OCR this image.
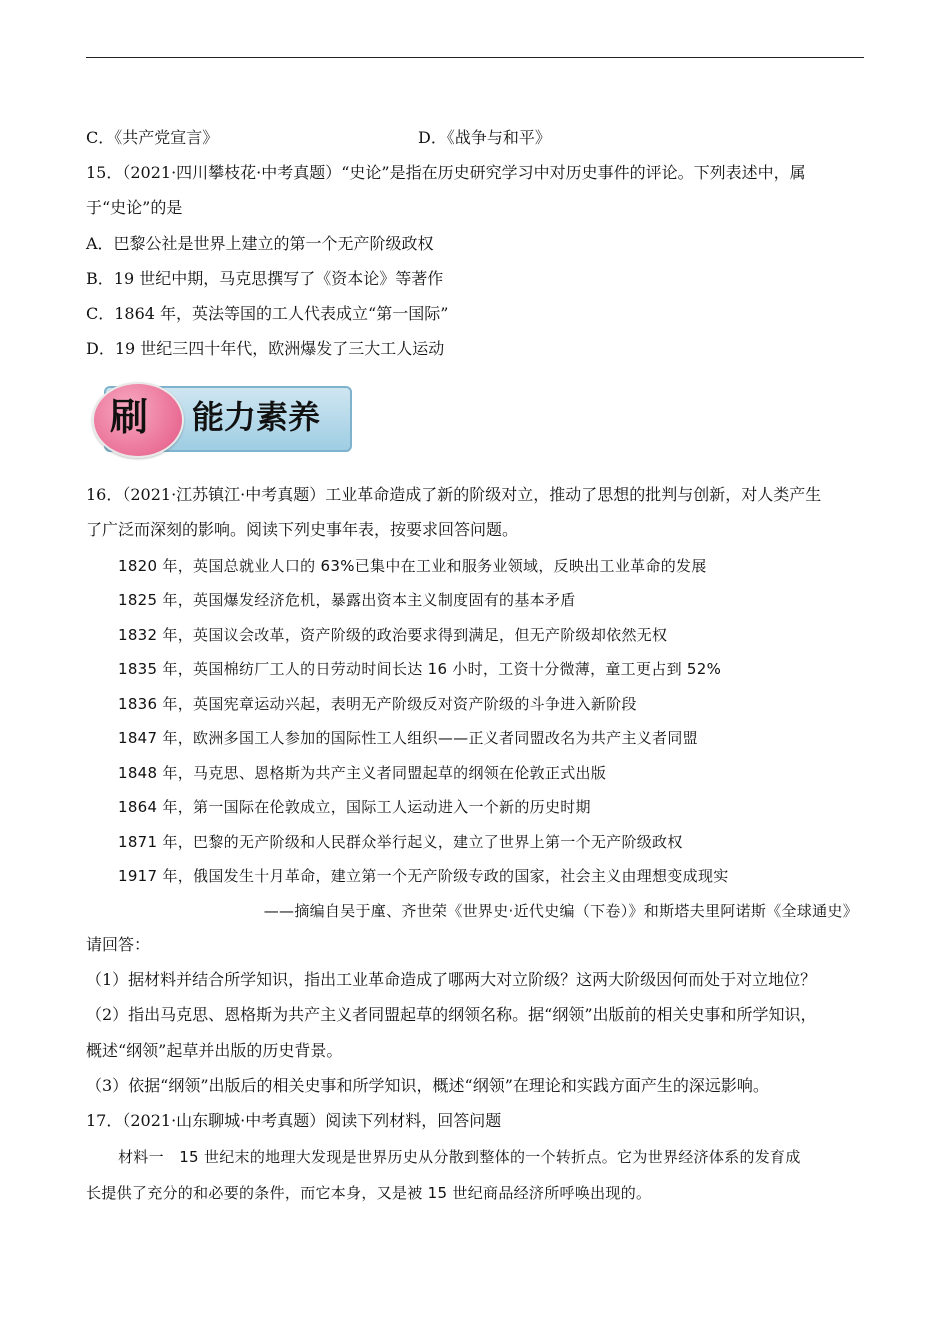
C．《共产党宣言》	D．《战争与和平》
15．（2021·四川攀枝花·中考真题）“史论”是指在历史研究学习中对历史事件的评论。下列表述中，属
于“史论”的是
A．巴黎公社是世界上建立的第一个无产阶级政权
B．19 世纪中期，马克思撰写了《资本论》等著作
C．1864 年，英法等国的工人代表成立“第一国际”
D．19 世纪三四十年代，欧洲爆发了三大工人运动
刷 能力素养
16．（2021·江苏镇江·中考真题）工业革命造成了新的阶级对立，推动了思想的批判与创新，对人类产生
了广泛而深刻的影响。阅读下列史事年表，按要求回答问题。
1820 年，英国总就业人口的 63%已集中在工业和服务业领域，反映出工业革命的发展
1825 年，英国爆发经济危机，暴露出资本主义制度固有的基本矛盾
1832 年，英国议会改革，资产阶级的政治要求得到满足，但无产阶级却依然无权
1835 年，英国棉纺厂工人的日劳动时间长达 16 小时，工资十分微薄，童工更占到 52%
1836 年，英国宪章运动兴起，表明无产阶级反对资产阶级的斗争进入新阶段
1847 年，欧洲多国工人参加的国际性工人组织——正义者同盟改名为共产主义者同盟
1848 年，马克思、恩格斯为共产主义者同盟起草的纲领在伦敦正式出版
1864 年，第一国际在伦敦成立，国际工人运动进入一个新的历史时期
1871 年，巴黎的无产阶级和人民群众举行起义，建立了世界上第一个无产阶级政权
1917 年，俄国发生十月革命，建立第一个无产阶级专政的国家，社会主义由理想变成现实
——摘编自吴于廑、齐世荣《世界史·近代史编（下卷）》和斯塔夫里阿诺斯《全球通史》
请回答：
（1）据材料并结合所学知识，指出工业革命造成了哪两大对立阶级？这两大阶级因何而处于对立地位？
（2）指出马克思、恩格斯为共产主义者同盟起草的纲领名称。据“纲领”出版前的相关史事和所学知识，
概述“纲领”起草并出版的历史背景。
（3）依据“纲领”出版后的相关史事和所学知识，概述“纲领”在理论和实践方面产生的深远影响。
17．（2021·山东聊城·中考真题）阅读下列材料，回答问题
材料一　15 世纪末的地理大发现是世界历史从分散到整体的一个转折点。它为世界经济体系的发育成
长提供了充分的和必要的条件，而它本身，又是被 15 世纪商品经济所呼唤出现的。
